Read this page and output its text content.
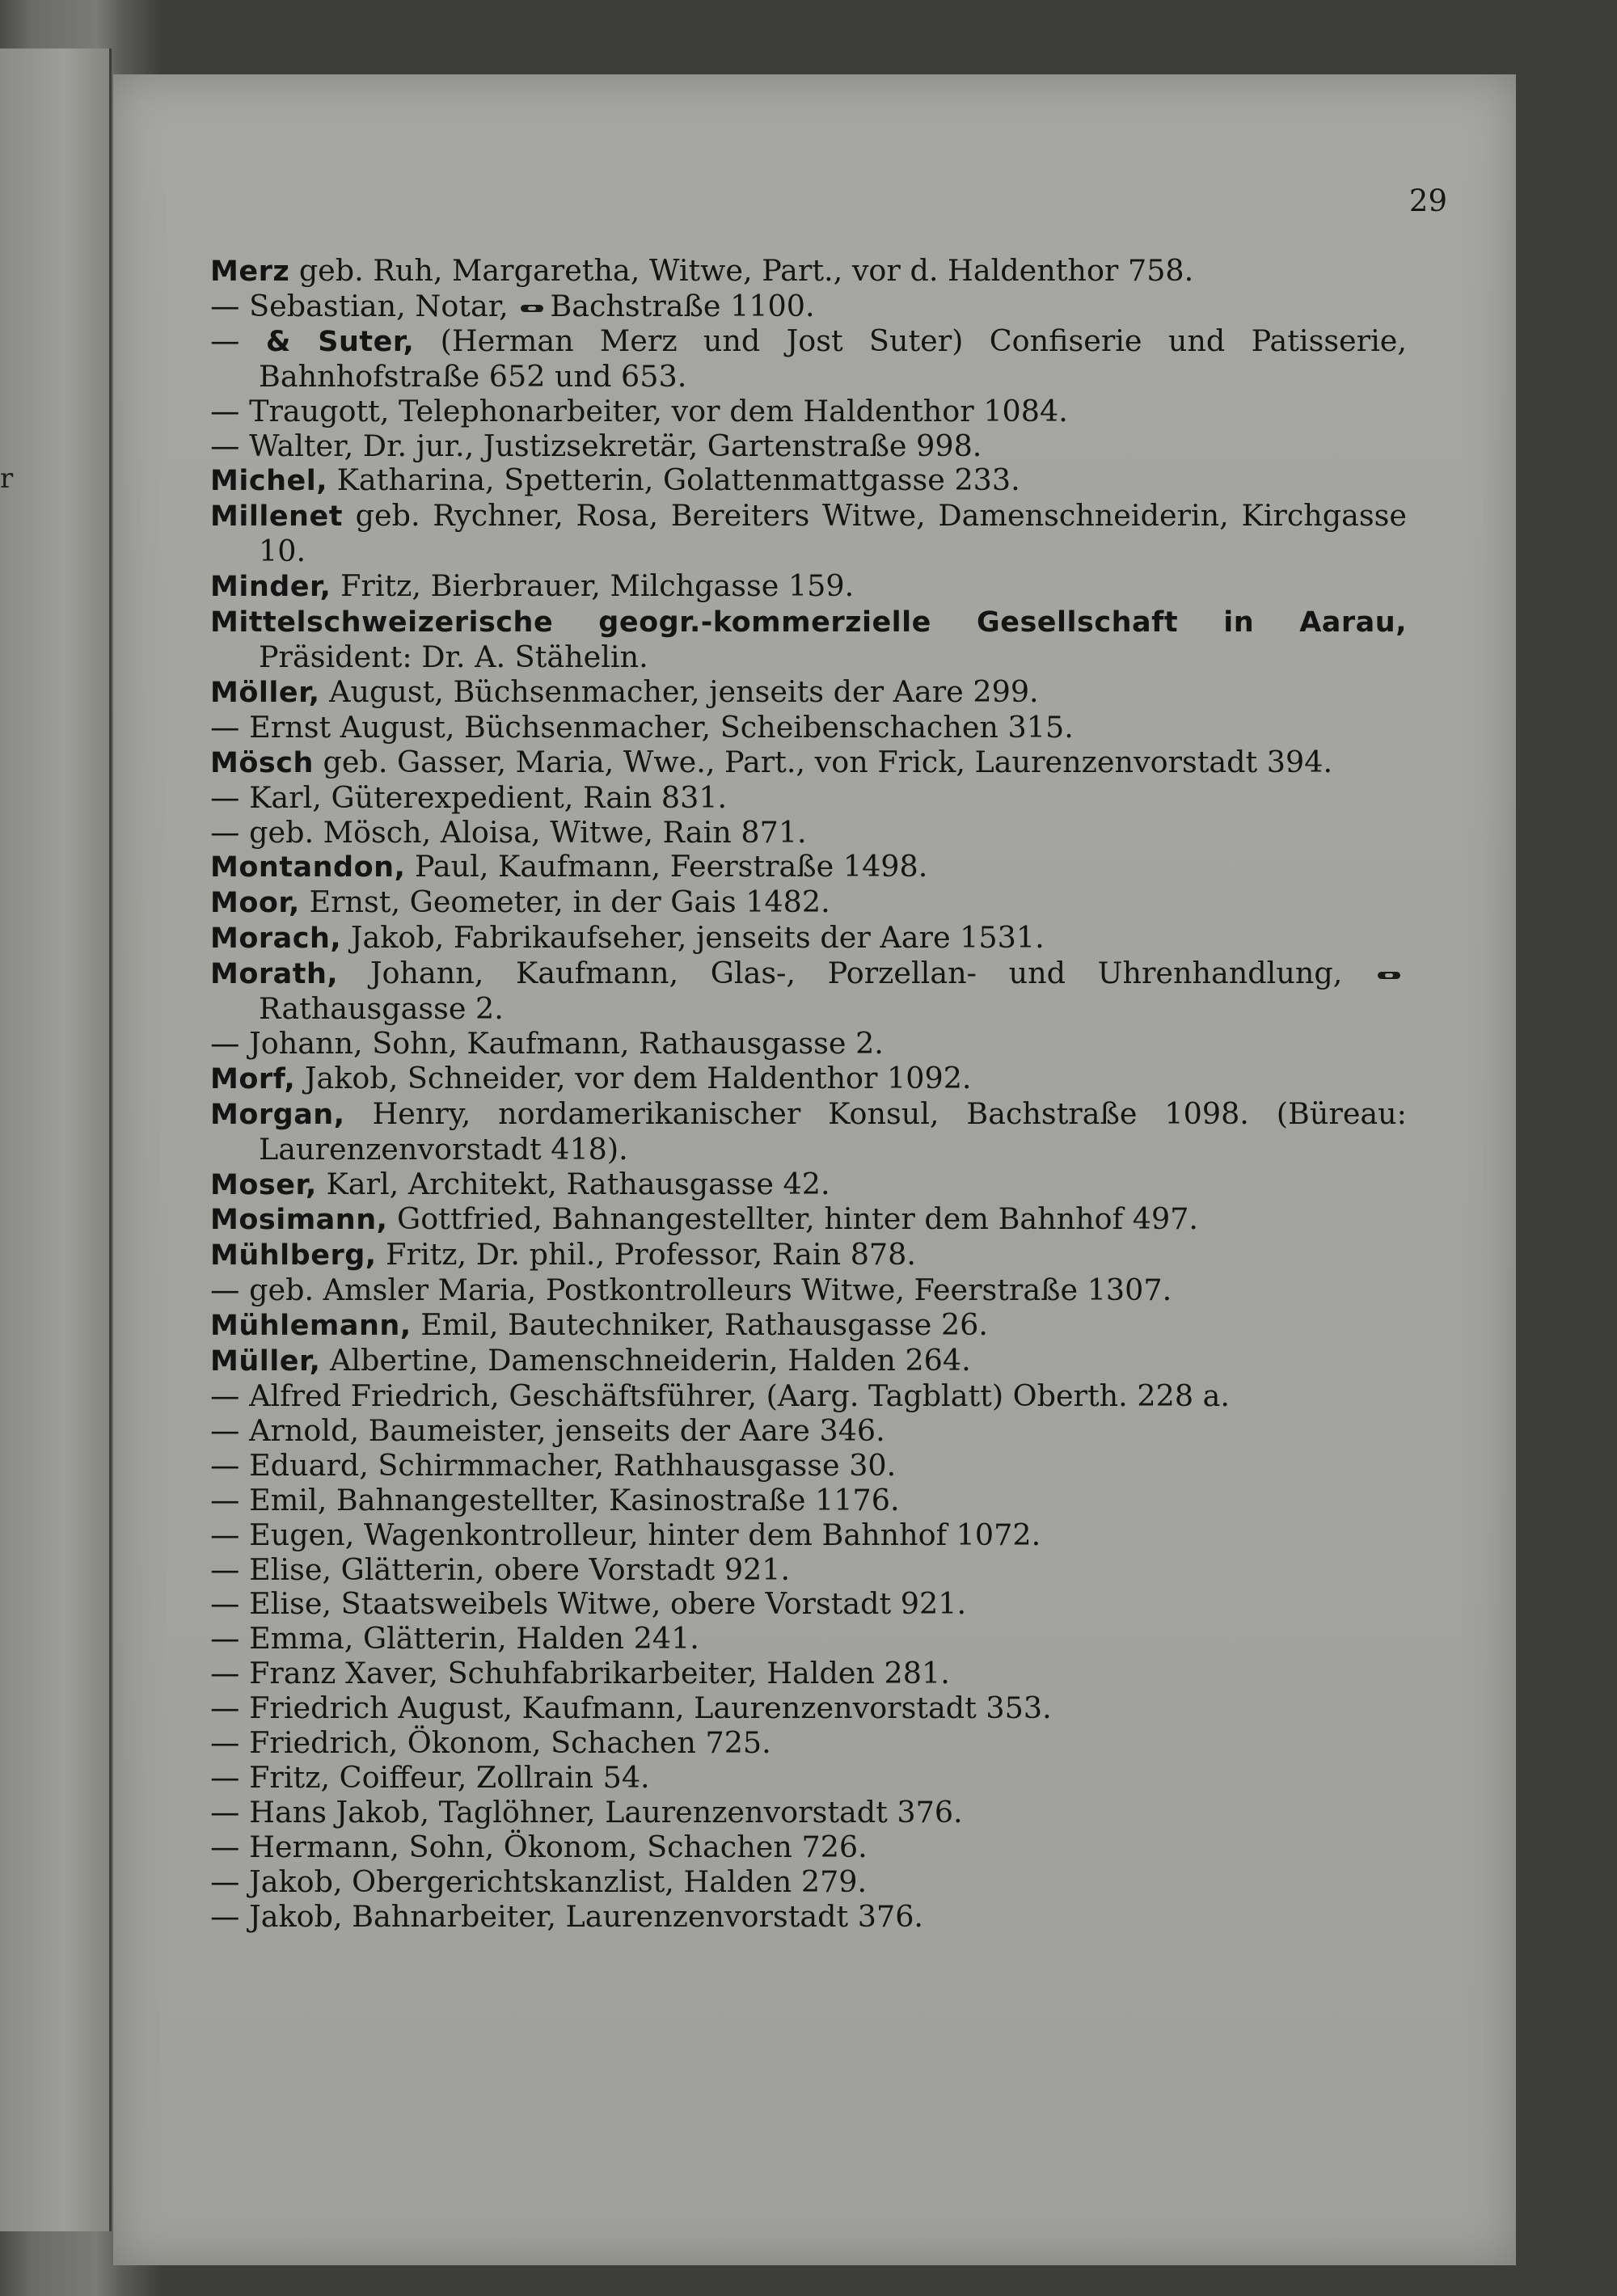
r
29

Merz geb. Ruh, Margaretha, Witwe, Part., vor d. Haldenthor 758.

— Sebastian, Notar, Bachstraße 1100.

— & Suter, (Herman Merz und Jost Suter) Confiserie und Patisserie, Bahnhofstraße 652 und 653.

— Traugott, Telephonarbeiter, vor dem Haldenthor 1084.

— Walter, Dr. jur., Justizsekretär, Gartenstraße 998.

Michel, Katharina, Spetterin, Golattenmattgasse 233.

Millenet geb. Rychner, Rosa, Bereiters Witwe, Damenschneiderin, Kirchgasse 10.

Minder, Fritz, Bierbrauer, Milchgasse 159.

Mittelschweizerische geogr.-kommerzielle Gesellschaft in Aarau, Präsident: Dr. A. Stähelin.

Möller, August, Büchsenmacher, jenseits der Aare 299.

— Ernst August, Büchsenmacher, Scheibenschachen 315.

Mösch geb. Gasser, Maria, Wwe., Part., von Frick, Laurenzenvorstadt 394.

— Karl, Güterexpedient, Rain 831.

— geb. Mösch, Aloisa, Witwe, Rain 871.

Montandon, Paul, Kaufmann, Feerstraße 1498.

Moor, Ernst, Geometer, in der Gais 1482.

Morach, Jakob, Fabrikaufseher, jenseits der Aare 1531.

Morath, Johann, Kaufmann, Glas-, Porzellan- und Uhrenhandlung, Rathausgasse 2.

— Johann, Sohn, Kaufmann, Rathausgasse 2.

Morf, Jakob, Schneider, vor dem Haldenthor 1092.

Morgan, Henry, nordamerikanischer Konsul, Bachstraße 1098. (Büreau: Laurenzenvorstadt 418).

Moser, Karl, Architekt, Rathausgasse 42.

Mosimann, Gottfried, Bahnangestellter, hinter dem Bahnhof 497.

Mühlberg, Fritz, Dr. phil., Professor, Rain 878.

— geb. Amsler Maria, Postkontrolleurs Witwe, Feerstraße 1307.

Mühlemann, Emil, Bautechniker, Rathausgasse 26.

Müller, Albertine, Damenschneiderin, Halden 264.

— Alfred Friedrich, Geschäftsführer, (Aarg. Tagblatt) Oberth. 228 a.

— Arnold, Baumeister, jenseits der Aare 346.

— Eduard, Schirmmacher, Rathhausgasse 30.

— Emil, Bahnangestellter, Kasinostraße 1176.

— Eugen, Wagenkontrolleur, hinter dem Bahnhof 1072.

— Elise, Glätterin, obere Vorstadt 921.

— Elise, Staatsweibels Witwe, obere Vorstadt 921.

— Emma, Glätterin, Halden 241.

— Franz Xaver, Schuhfabrikarbeiter, Halden 281.

— Friedrich August, Kaufmann, Laurenzenvorstadt 353.

— Friedrich, Ökonom, Schachen 725.

— Fritz, Coiffeur, Zollrain 54.

— Hans Jakob, Taglöhner, Laurenzenvorstadt 376.

— Hermann, Sohn, Ökonom, Schachen 726.

— Jakob, Obergerichtskanzlist, Halden 279.

— Jakob, Bahnarbeiter, Laurenzenvorstadt 376.
